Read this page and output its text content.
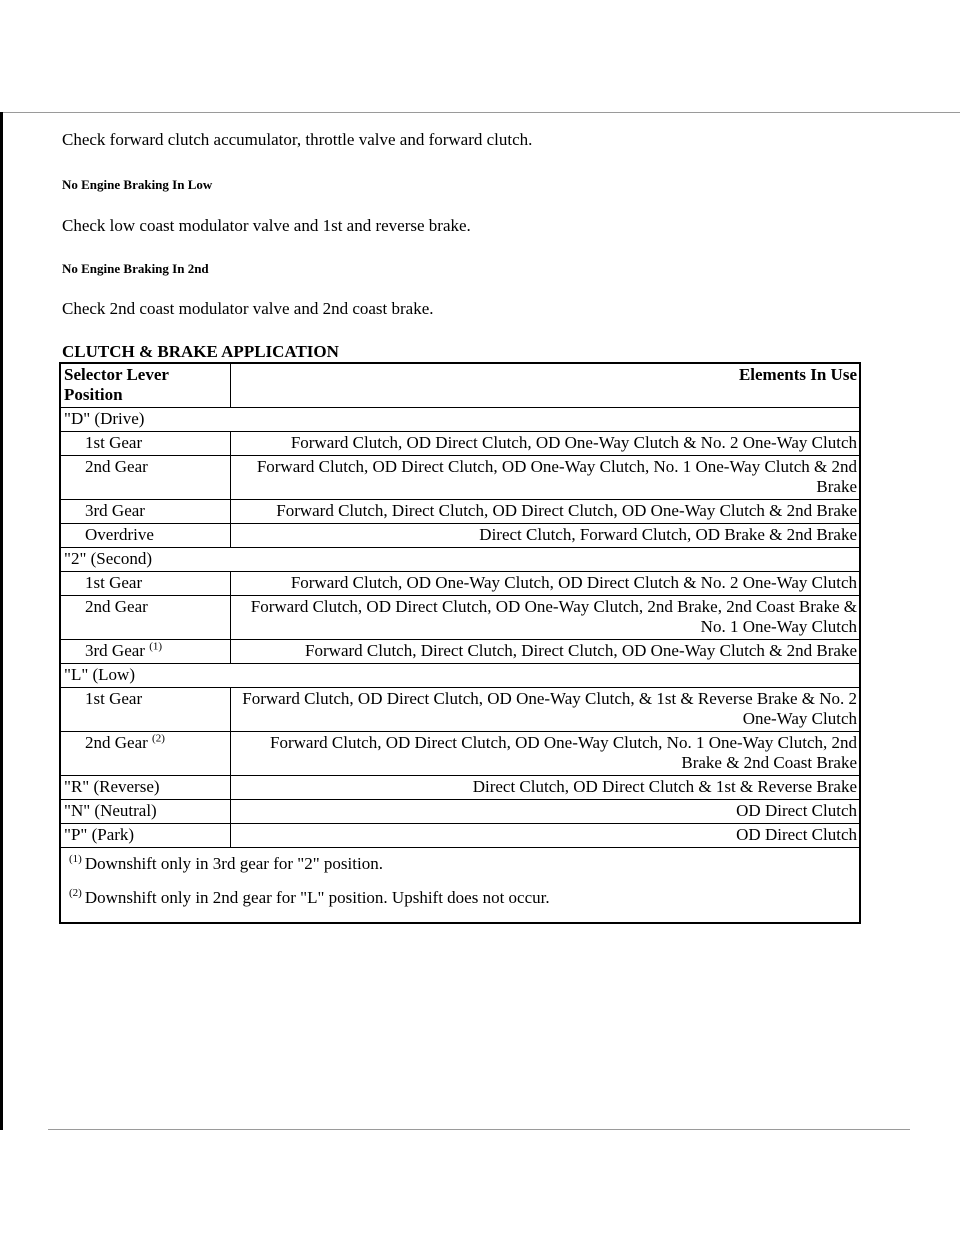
Check forward clutch accumulator, throttle valve and forward clutch.

No Engine Braking In Low

Check low coast modulator valve and 1st and reverse brake.

No Engine Braking In 2nd

Check 2nd coast modulator valve and 2nd coast brake.

CLUTCH & BRAKE APPLICATION

Selector Lever
Position	Elements In Use
"D" (Drive)	
1st Gear	Forward Clutch, OD Direct Clutch, OD One-Way Clutch & No. 2 One-Way Clutch
2nd Gear	Forward Clutch, OD Direct Clutch, OD One-Way Clutch, No. 1 One-Way Clutch & 2nd Brake
3rd Gear	Forward Clutch, Direct Clutch, OD Direct Clutch, OD One-Way Clutch & 2nd Brake
Overdrive	Direct Clutch, Forward Clutch, OD Brake & 2nd Brake
"2" (Second)	
1st Gear	Forward Clutch, OD One-Way Clutch, OD Direct Clutch & No. 2 One-Way Clutch
2nd Gear	Forward Clutch, OD Direct Clutch, OD One-Way Clutch, 2nd Brake, 2nd Coast Brake & No. 1 One-Way Clutch
3rd Gear $^{(1)}$	Forward Clutch, Direct Clutch, Direct Clutch, OD One-Way Clutch & 2nd Brake
"L" (Low)	
1st Gear	Forward Clutch, OD Direct Clutch, OD One-Way Clutch, & 1st & Reverse Brake & No. 2 One-Way Clutch
2nd Gear $^{(2)}$	Forward Clutch, OD Direct Clutch, OD One-Way Clutch, No. 1 One-Way Clutch, 2nd Brake & 2nd Coast Brake
"R" (Reverse)	Direct Clutch, OD Direct Clutch & 1st & Reverse Brake
"N" (Neutral)	OD Direct Clutch
"P" (Park)	OD Direct Clutch

$^{(1)}$ Downshift only in 3rd gear for "2" position.

$^{(2)}$ Downshift only in 2nd gear for "L" position. Upshift does not occur.	
